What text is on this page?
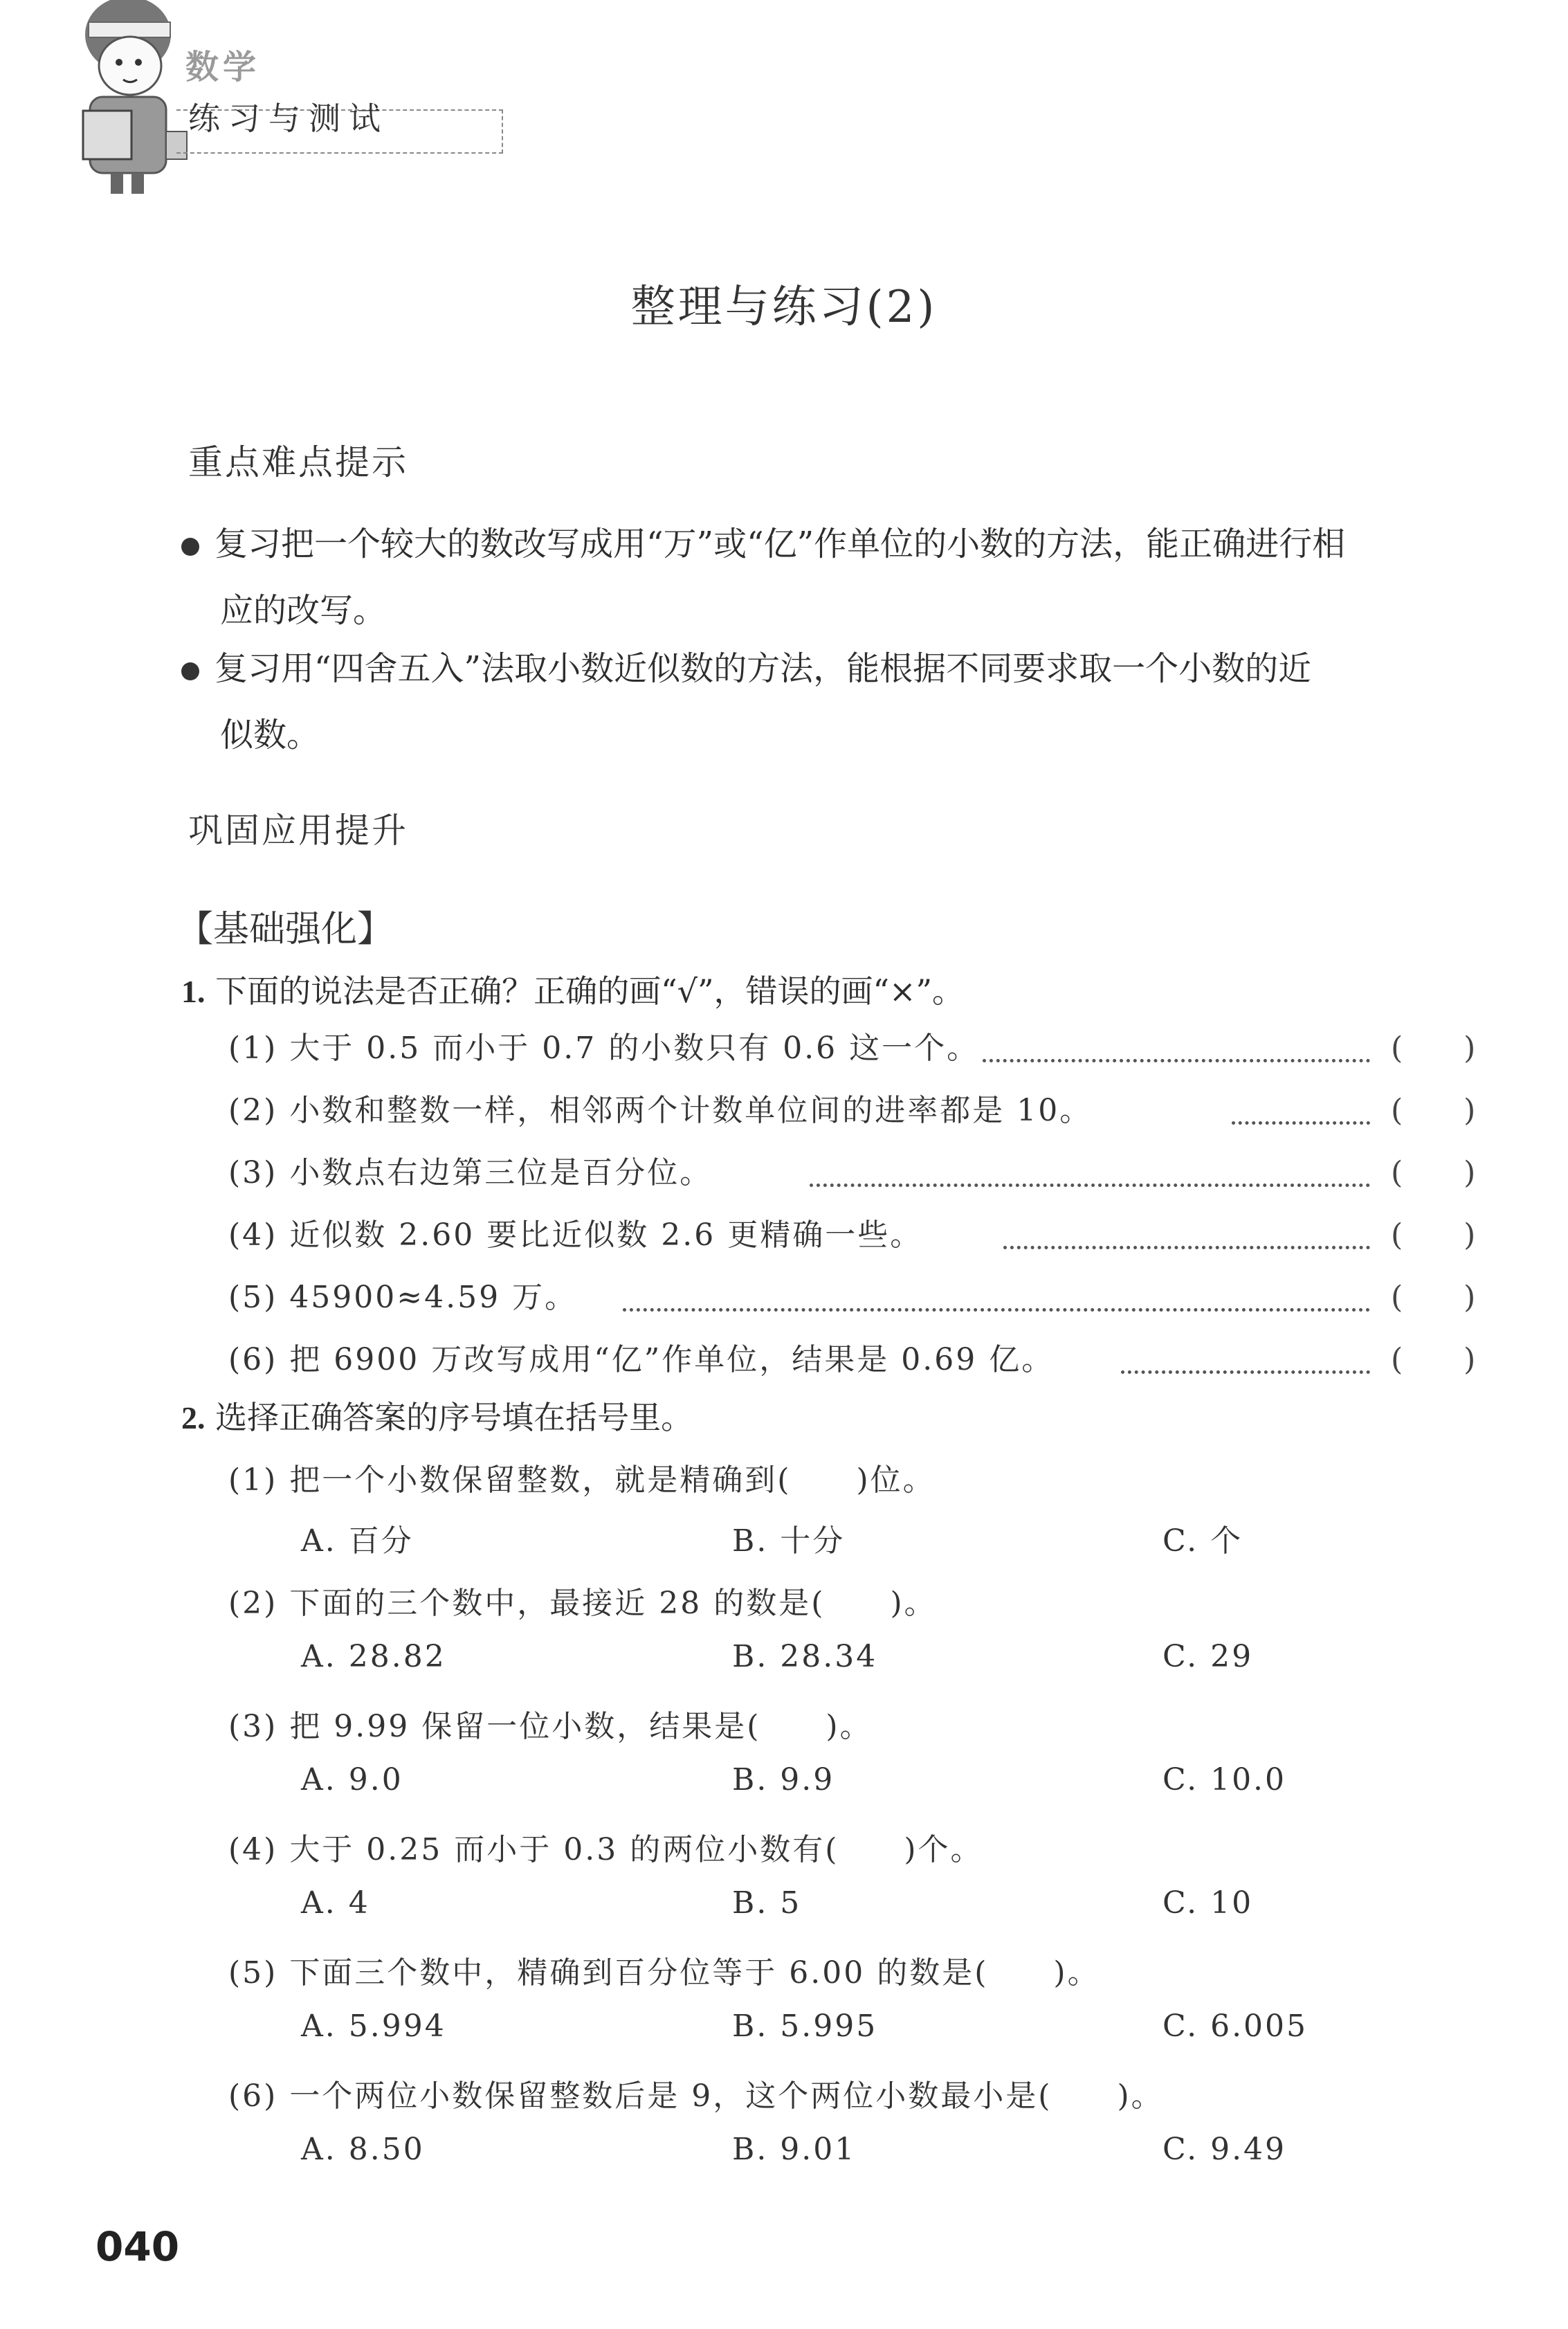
数学
练习与测试
整理与练习(2)
重点难点提示
复习把一个较大的数改写成用“万”或“亿”作单位的小数的方法，能正确进行相
应的改写。
复习用“四舍五入”法取小数近似数的方法，能根据不同要求取一个小数的近
似数。
巩固应用提升
【基础强化】
1. 下面的说法是否正确？正确的画“√”，错误的画“×”。
(1) 大于 0.5 而小于 0.7 的小数只有 0.6 这一个。	(　　)
(2) 小数和整数一样，相邻两个计数单位间的进率都是 10。	(　　)
(3) 小数点右边第三位是百分位。	(　　)
(4) 近似数 2.60 要比近似数 2.6 更精确一些。	(　　)
(5) 45900≈4.59 万。	(　　)
(6) 把 6900 万改写成用“亿”作单位，结果是 0.69 亿。	(　　)
2. 选择正确答案的序号填在括号里。
(1) 把一个小数保留整数，就是精确到(　　)位。
A. 百分	B. 十分	C. 个
(2) 下面的三个数中，最接近 28 的数是(　　)。
A. 28.82	B. 28.34	C. 29
(3) 把 9.99 保留一位小数，结果是(　　)。
A. 9.0	B. 9.9	C. 10.0
(4) 大于 0.25 而小于 0.3 的两位小数有(　　)个。
A. 4	B. 5	C. 10
(5) 下面三个数中，精确到百分位等于 6.00 的数是(　　)。
A. 5.994	B. 5.995	C. 6.005
(6) 一个两位小数保留整数后是 9，这个两位小数最小是(　　)。
A. 8.50	B. 9.01	C. 9.49
040
